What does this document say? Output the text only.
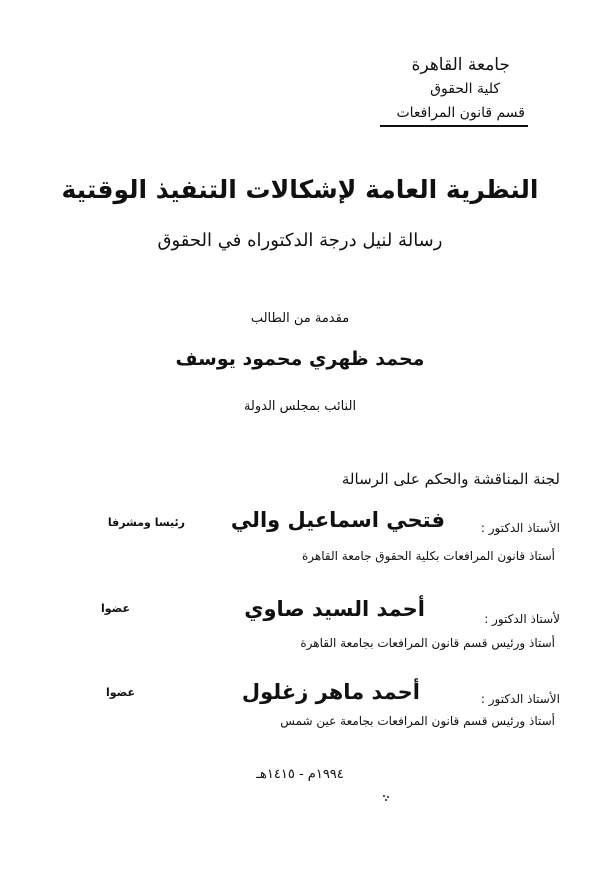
جامعة القاهرة
كلية الحقوق
قسم قانون المرافعات
النظرية العامة لإشكالات التنفيذ الوقتية
رسالة لنيل درجة الدكتوراه في الحقوق
مقدمة من الطالب
محمد ظهري محمود يوسف
النائب بمجلس الدولة
لجنة المناقشة والحكم على الرسالة
الأستاذ الدكتور :
فتحي اسماعيل والي
رئيسا ومشرفا
أستاذ قانون المرافعات بكلية الحقوق جامعة القاهرة
لأستاذ الدكتور :
أحمد السيد صاوي
عضوا
أستاذ ورئيس قسم قانون المرافعات بجامعة القاهرة
الأستاذ الدكتور :
أحمد ماهر زغلول
عضوا
أستاذ ورئيس قسم قانون المرافعات بجامعة عين شمس
١٩٩٤م - ١٤١٥هـ
